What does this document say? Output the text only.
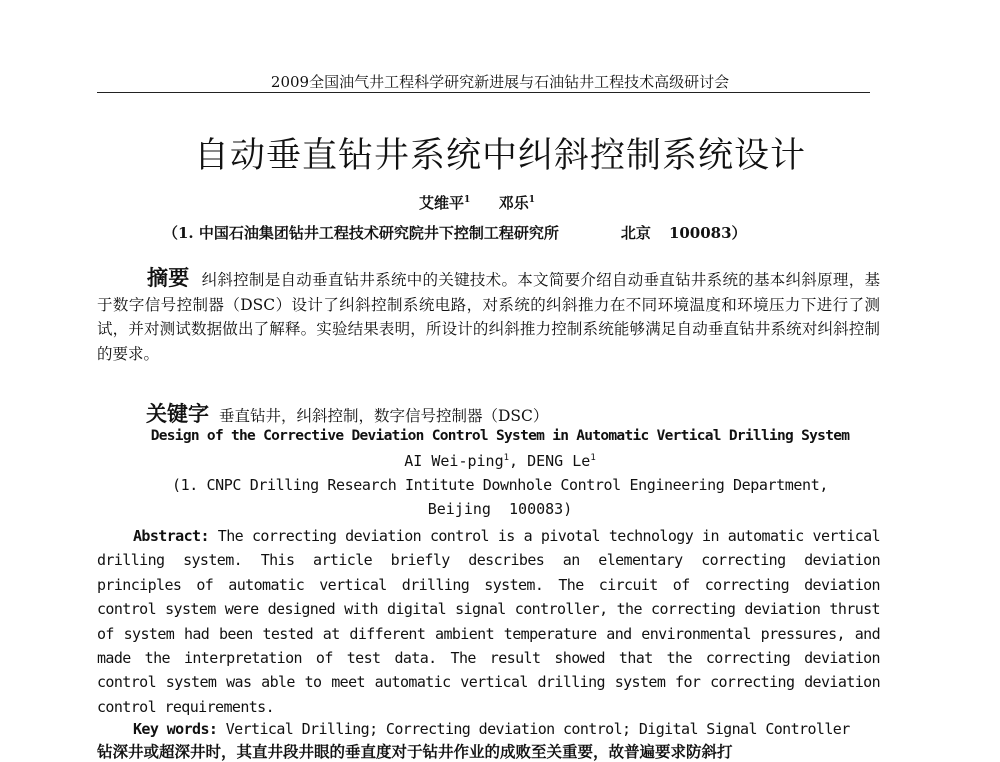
2009全国油气井工程科学研究新进展与石油钻井工程技术高级研讨会
自动垂直钻井系统中纠斜控制系统设计
艾维平$^1$ 邓乐$^1$
（1. 中国石油集团钻井工程技术研究院井下控制工程研究所	北京 100083）
摘要 纠斜控制是自动垂直钻井系统中的关键技术。本文简要介绍自动垂直钻井系统的基本纠斜原理，基于数字信号控制器（DSC）设计了纠斜控制系统电路，对系统的纠斜推力在不同环境温度和环境压力下进行了测试，并对测试数据做出了解释。实验结果表明，所设计的纠斜推力控制系统能够满足自动垂直钻井系统对纠斜控制的要求。
关键字 垂直钻井，纠斜控制，数字信号控制器（DSC）
Design of the Corrective Deviation Control System in Automatic Vertical Drilling System
AI Wei-ping$^1$, DENG Le$^1$
(1. CNPC Drilling Research Intitute Downhole Control Engineering Department,
Beijing  100083)
Abstract: The correcting deviation control is a pivotal technology in automatic vertical drilling system. This article briefly describes an elementary correcting deviation principles of automatic vertical drilling system. The circuit of correcting deviation control system were designed with digital signal controller, the correcting deviation thrust of system had been tested at different ambient temperature and environmental pressures, and made the interpretation of test data. The result showed that the correcting deviation control system was able to meet automatic vertical drilling system for correcting deviation control requirements.
Key words: Vertical Drilling; Correcting deviation control; Digital Signal Controller
钻深井或超深井时，其直井段井眼的垂直度对于钻井作业的成败至关重要，故普遍要求防斜打
